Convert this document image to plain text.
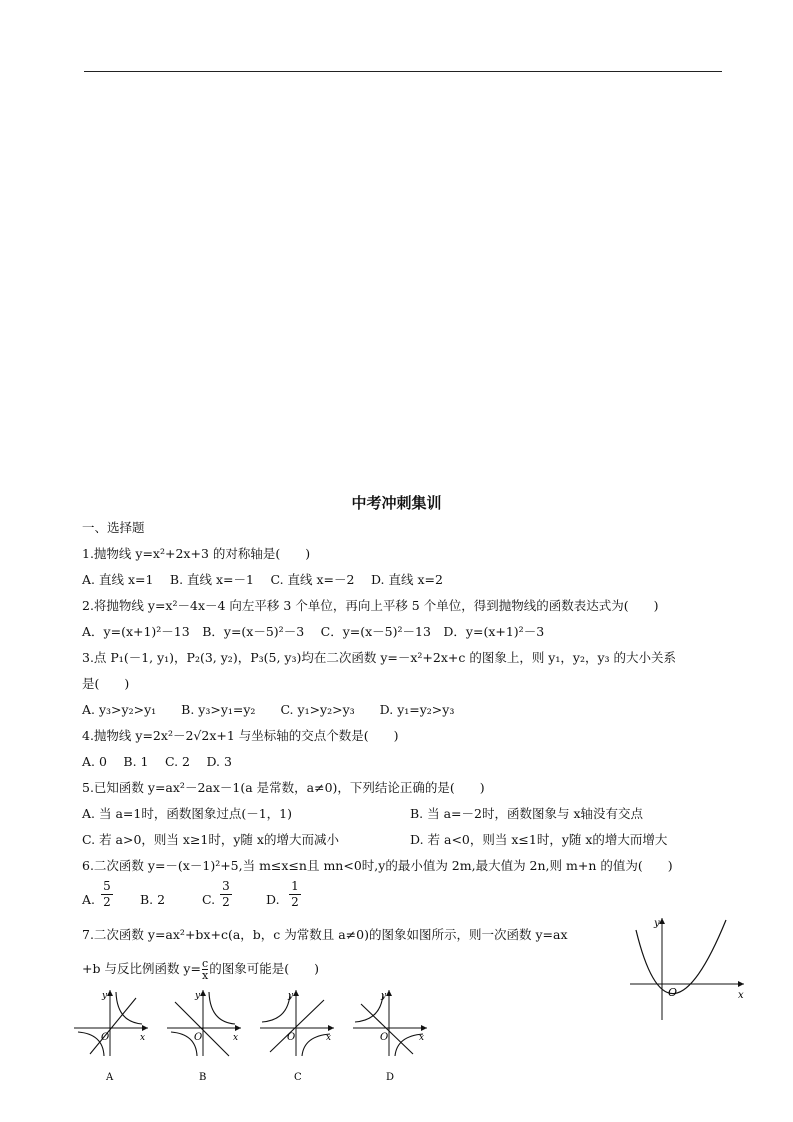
中考冲刺集训
一、选择题
1.抛物线 y=x²+2x+3 的对称轴是(　　)
A. 直线 x=1　 B. 直线 x=－1　 C. 直线 x=－2　 D. 直线 x=2
2.将抛物线 y=x²－4x－4 向左平移 3 个单位，再向上平移 5 个单位，得到抛物线的函数表达式为(　　)
A．y=(x+1)²－13　B．y=(x－5)²－3　 C．y=(x－5)²－13　D．y=(x+1)²－3
3.点 P₁(－1, y₁)，P₂(3, y₂)，P₃(5, y₃)均在二次函数 y=－x²+2x+c 的图象上，则 y₁，y₂，y₃ 的大小关系
是(　　)
A. y₃>y₂>y₁　　B. y₃>y₁=y₂　　C. y₁>y₂>y₃　　D. y₁=y₂>y₃
4.抛物线 y=2x²－2√2x+1 与坐标轴的交点个数是(　　)
A. 0　 B. 1　 C. 2　 D. 3
5.已知函数 y=ax²－2ax－1(a 是常数，a≠0)，下列结论正确的是(　　)
A. 当 a=1时，函数图象过点(－1，1)	B. 当 a=－2时，函数图象与 x轴没有交点
C. 若 a>0，则当 x≥1时，y随 x的增大而减小	D. 若 a<0，则当 x≤1时，y随 x的增大而增大
6.二次函数 y=－(x－1)²+5,当 m≤x≤n且 mn<0时,y的最小值为 2m,最大值为 2n,则 m+n 的值为(　　)
A.
5
2 B. 2	C.
3
2	D.
1
2
7.二次函数 y=ax²+bx+c(a，b，c 为常数且 a≠0)的图象如图所示，则一次函数 y=ax
+b 与反比例函数 $y= \frac{c}{x}$ 的图象可能是(　　)
y
x
O
y
x
O
A
y
x
O
B
y
x
O
C
y
x
O
D
